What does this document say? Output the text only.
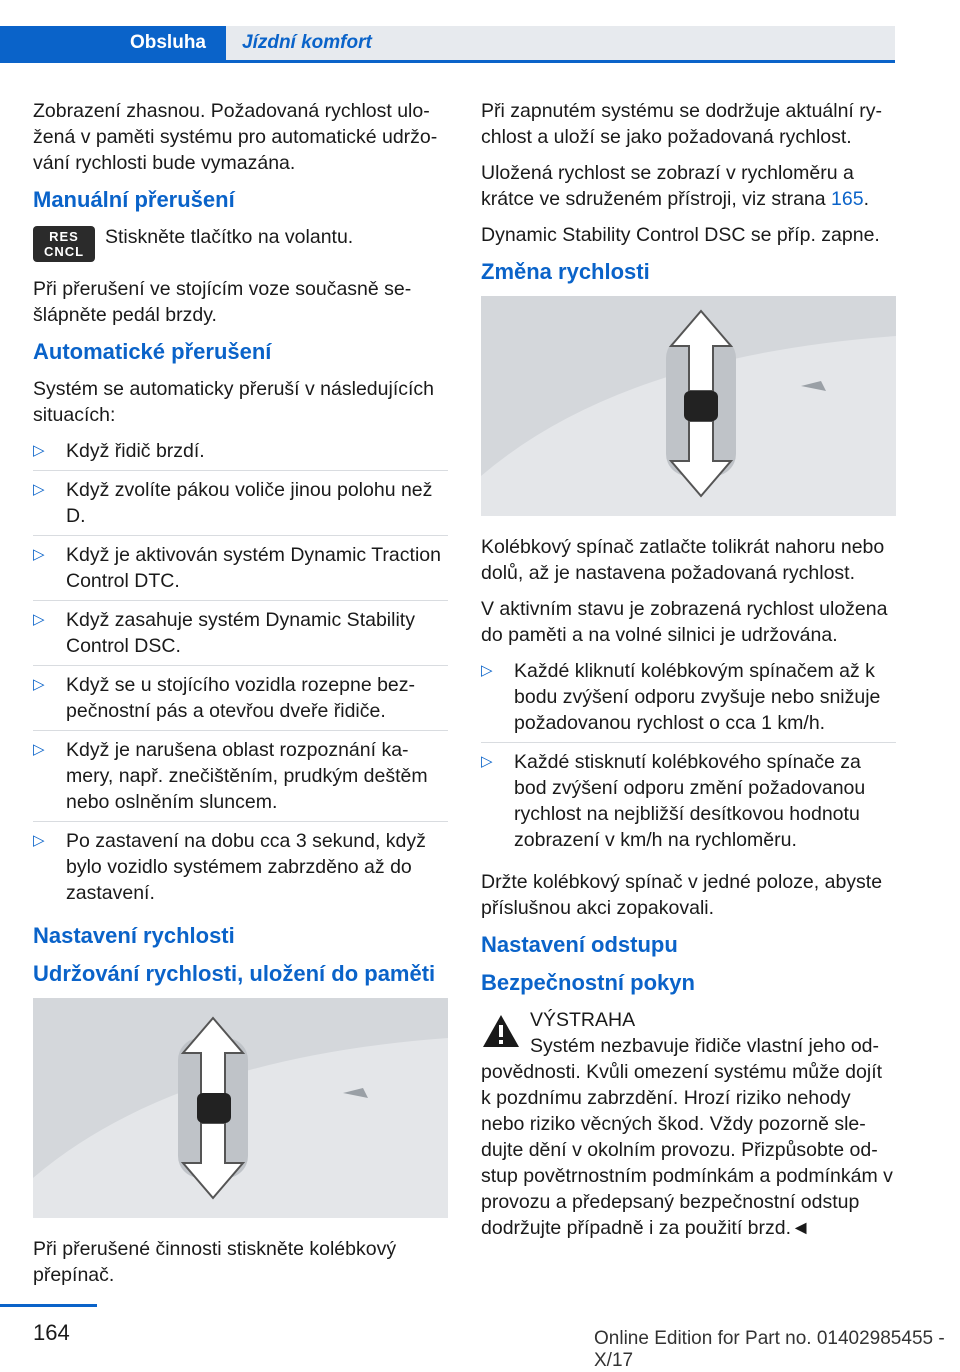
Obsluha Jízdní komfort

Zobrazení zhasnou. Požadovaná rychlost uložená v paměti systému pro automatické udržování rychlosti bude vymazána.

Manuální přerušení
RES
CNCL
Stiskněte tlačítko na volantu.

Při přerušení ve stojícím voze současně sešlápněte pedál brzdy.

Automatické přerušení

Systém se automaticky přeruší v následujících situacích:

▷ Když řidič brzdí.
▷ Když zvolíte pákou voliče jinou polohu než D.
▷ Když je aktivován systém Dynamic Traction Control DTC.
▷ Když zasahuje systém Dynamic Stability Control DSC.
▷ Když se u stojícího vozidla rozepne bezpečnostní pás a otevřou dveře řidiče.
▷ Když je narušena oblast rozpoznání kamery, např. znečištěním, prudkým deštěm nebo oslněním sluncem.
▷ Po zastavení na dobu cca 3 sekund, když bylo vozidlo systémem zabrzděno až do zastavení.
Nastavení rychlosti
Udržování rychlosti, uložení do paměti

Při přerušené činnosti stiskněte kolébkový přepínač.

Při zapnutém systému se dodržuje aktuální rychlost a uloží se jako požadovaná rychlost.

Uložená rychlost se zobrazí v rychloměru a krátce ve sdruženém přístroji, viz strana 165.

Dynamic Stability Control DSC se příp. zapne.

Změna rychlosti

Kolébkový spínač zatlačte tolikrát nahoru nebo dolů, až je nastavena požadovaná rychlost.

V aktivním stavu je zobrazená rychlost uložena do paměti a na volné silnici je udržována.

▷ Každé kliknutí kolébkovým spínačem až k bodu zvýšení odporu zvyšuje nebo snižuje požadovanou rychlost o cca 1 km/h.
▷ Každé stisknutí kolébkového spínače za bod zvýšení odporu změní požadovanou rychlost na nejbližší desítkovou hodnotu zobrazení v km/h na rychloměru.

Držte kolébkový spínač v jedné poloze, abyste příslušnou akci zopakovali.

Nastavení odstupu
Bezpečnostní pokyn
VÝSTRAHA

Systém nezbavuje řidiče vlastní jeho odpovědnosti. Kvůli omezení systému může dojít k pozdnímu zabrzdění. Hrozí riziko nehody nebo riziko věcných škod. Vždy pozorně sledujte dění v okolním provozu. Přizpůsobte odstup povětrnostním podmínkám a podmínkám v provozu a předepsaný bezpečnostní odstup dodržujte případně i za použití brzd.◄

164	Online Edition for Part no. 01402985455 - X/17
